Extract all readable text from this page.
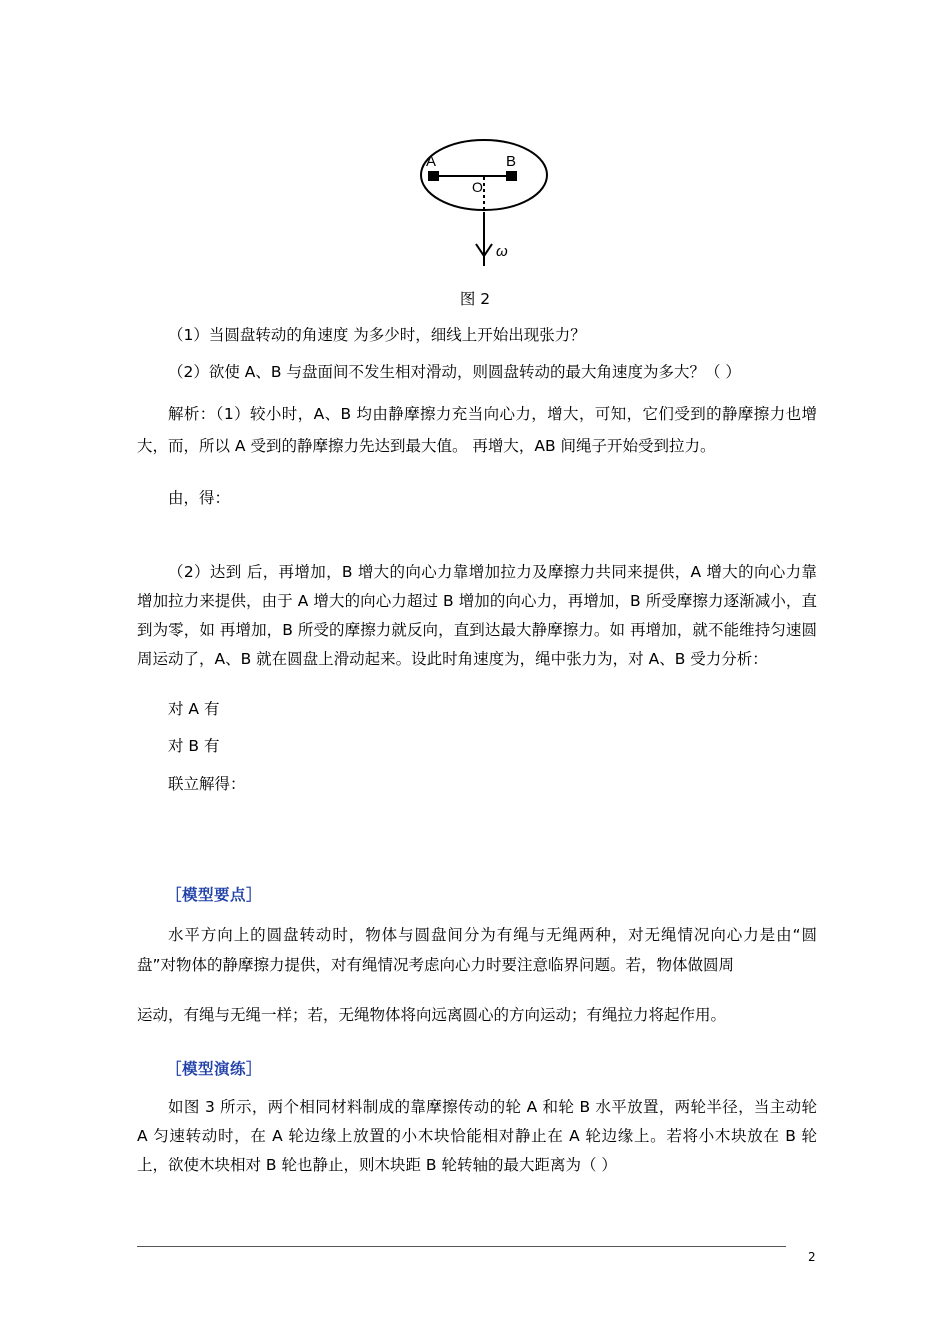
A	B
O
ω
图 2
（1）当圆盘转动的角速度 为多少时，细线上开始出现张力？
（2）欲使 A、B 与盘面间不发生相对滑动，则圆盘转动的最大角速度为多大？（ ）
解析：（1）较小时，A、B 均由静摩擦力充当向心力，增大，可知，它们受到的静摩擦力也增大，而，所以 A 受到的静摩擦力先达到最大值。 再增大，AB 间绳子开始受到拉力。
由，得：
（2）达到 后，再增加，B 增大的向心力靠增加拉力及摩擦力共同来提供，A 增大的向心力靠增加拉力来提供，由于 A 增大的向心力超过 B 增加的向心力，再增加，B 所受摩擦力逐渐减小，直到为零，如 再增加，B 所受的摩擦力就反向，直到达最大静摩擦力。如 再增加，就不能维持匀速圆周运动了，A、B 就在圆盘上滑动起来。设此时角速度为，绳中张力为，对 A、B 受力分析：
对 A 有
对 B 有
联立解得：
［模型要点］
水平方向上的圆盘转动时，物体与圆盘间分为有绳与无绳两种，对无绳情况向心力是由“圆盘”对物体的静摩擦力提供，对有绳情况考虑向心力时要注意临界问题。若，物体做圆周
运动，有绳与无绳一样；若，无绳物体将向远离圆心的方向运动；有绳拉力将起作用。
［模型演练］
如图 3 所示，两个相同材料制成的靠摩擦传动的轮 A 和轮 B 水平放置，两轮半径，当主动轮 A 匀速转动时，在 A 轮边缘上放置的小木块恰能相对静止在 A 轮边缘上。若将小木块放在 B 轮上，欲使木块相对 B 轮也静止，则木块距 B 轮转轴的最大距离为（ ）
2
